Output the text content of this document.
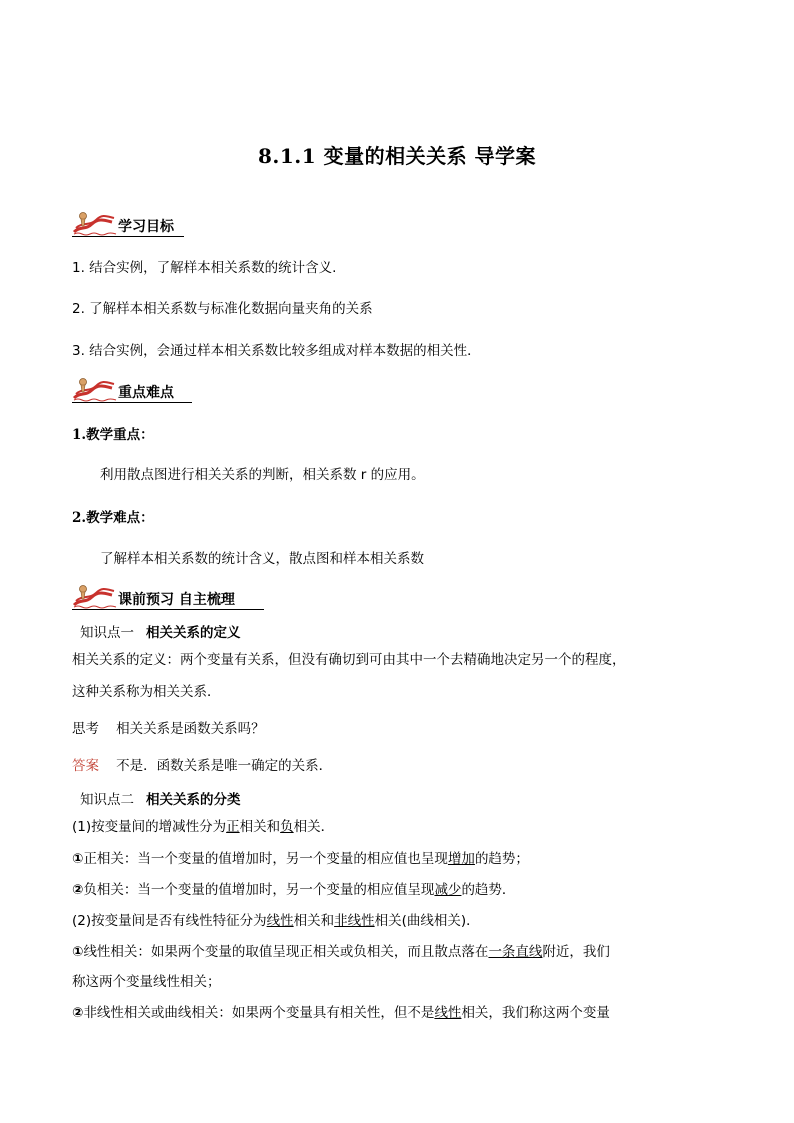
8.1.1 变量的相关关系 导学案
学习目标
1. 结合实例，了解样本相关系数的统计含义.
2. 了解样本相关系数与标准化数据向量夹角的关系
3. 结合实例，会通过样本相关系数比较多组成对样本数据的相关性．
重点难点
1.教学重点：
利用散点图进行相关关系的判断，相关系数 r 的应用。
2.教学难点：
了解样本相关系数的统计含义，散点图和样本相关系数
课前预习 自主梳理
知识点一 相关关系的定义
相关关系的定义：两个变量有关系，但没有确切到可由其中一个去精确地决定另一个的程度，
这种关系称为相关关系．
思考 相关关系是函数关系吗？
答案 不是．函数关系是唯一确定的关系．
知识点二 相关关系的分类
(1)按变量间的增减性分为正相关和负相关．
①正相关：当一个变量的值增加时，另一个变量的相应值也呈现增加的趋势；
②负相关：当一个变量的值增加时，另一个变量的相应值呈现减少的趋势．
(2)按变量间是否有线性特征分为线性相关和非线性相关(曲线相关)．
①线性相关：如果两个变量的取值呈现正相关或负相关，而且散点落在一条直线附近，我们
称这两个变量线性相关；
②非线性相关或曲线相关：如果两个变量具有相关性，但不是线性相关，我们称这两个变量
